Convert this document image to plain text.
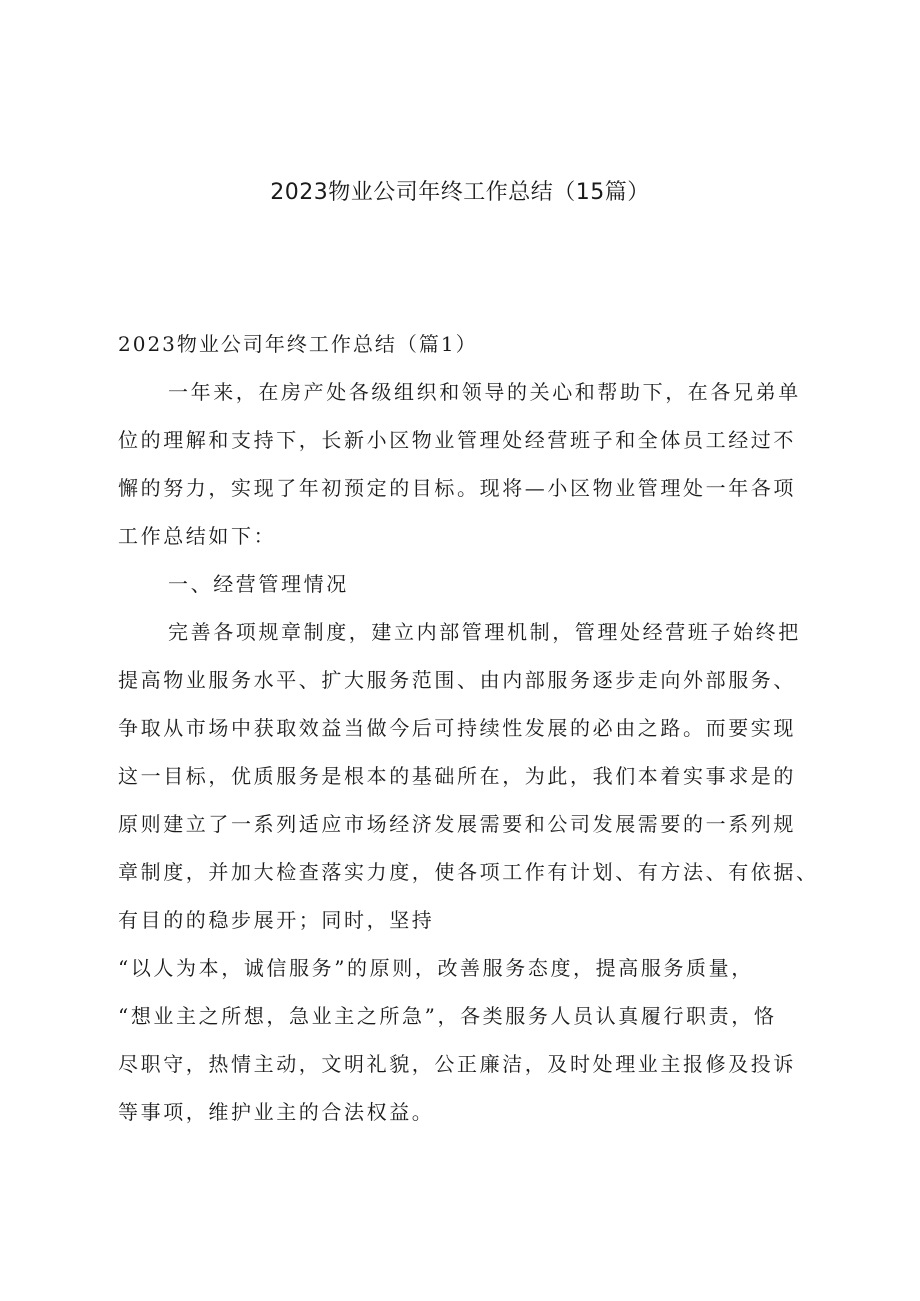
2023物业公司年终工作总结（15篇）
2023物业公司年终工作总结（篇1）
一年来，在房产处各级组织和领导的关心和帮助下，在各兄弟单
位的理解和支持下，长新小区物业管理处经营班子和全体员工经过不
懈的努力，实现了年初预定的目标。现将—小区物业管理处一年各项
工作总结如下：
一、经营管理情况
完善各项规章制度，建立内部管理机制，管理处经营班子始终把
提高物业服务水平、扩大服务范围、由内部服务逐步走向外部服务、
争取从市场中获取效益当做今后可持续性发展的必由之路。而要实现
这一目标，优质服务是根本的基础所在，为此，我们本着实事求是的
原则建立了一系列适应市场经济发展需要和公司发展需要的一系列规
章制度，并加大检查落实力度，使各项工作有计划、有方法、有依据、
有目的的稳步展开；同时，坚持
“以人为本，诚信服务”的原则，改善服务态度，提高服务质量，
“想业主之所想，急业主之所急”，各类服务人员认真履行职责，恪
尽职守，热情主动，文明礼貌，公正廉洁，及时处理业主报修及投诉
等事项，维护业主的合法权益。
